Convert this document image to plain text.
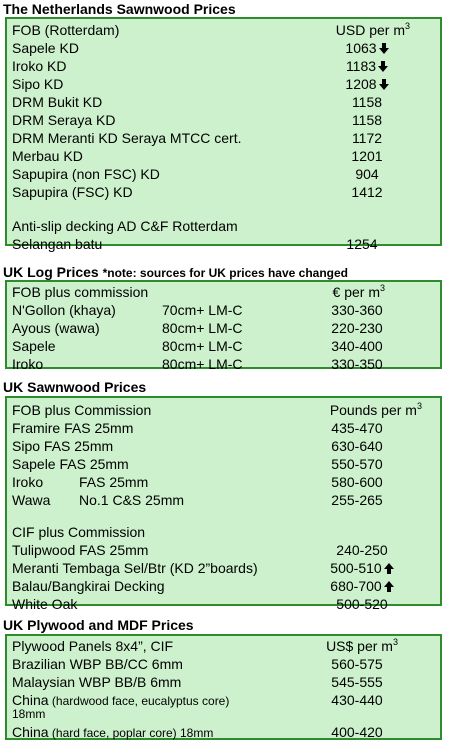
The Netherlands Sawnwood Prices
FOB (Rotterdam)	USD per $m^3$
Sapele KD	1063
Iroko KD	1183
Sipo KD	1208
DRM Bukit KD	1158
DRM Seraya KD	1158
DRM Meranti KD Seraya MTCC cert.	1172
Merbau KD	1201
Sapupira (non FSC) KD	904
Sapupira (FSC) KD	1412
Anti-slip decking AD C&F Rotterdam
Selangan batu	1254
UK Log Prices *note: sources for UK prices have changed
FOB plus commission	€ per $m^3$
N'Gollon (khaya)	70cm+ LM-C	330-360
Ayous (wawa)	80cm+ LM-C	220-230
Sapele	80cm+ LM-C	340-400
Iroko	80cm+ LM-C	330-350
UK Sawnwood Prices
FOB plus Commission	Pounds per $m^3$
Framire FAS 25mm	435-470
Sipo FAS 25mm	630-640
Sapele FAS 25mm	550-570
Iroko	FAS 25mm	580-600
Wawa No.1 C&S 25mm	255-265
CIF plus Commission
Tulipwood FAS 25mm	240-250
Meranti Tembaga Sel/Btr (KD 2”boards)	500-510
Balau/Bangkirai Decking	680-700
White Oak	500-520
UK Plywood and MDF Prices
Plywood Panels 8x4”, CIF	US$ per $m^3$
Brazilian WBP BB/CC 6mm	560-575
Malaysian WBP BB/B 6mm	545-555
China (hardwood face, eucalyptus core)	430-440
18mm
China (hard face, poplar core) 18mm	400-420
